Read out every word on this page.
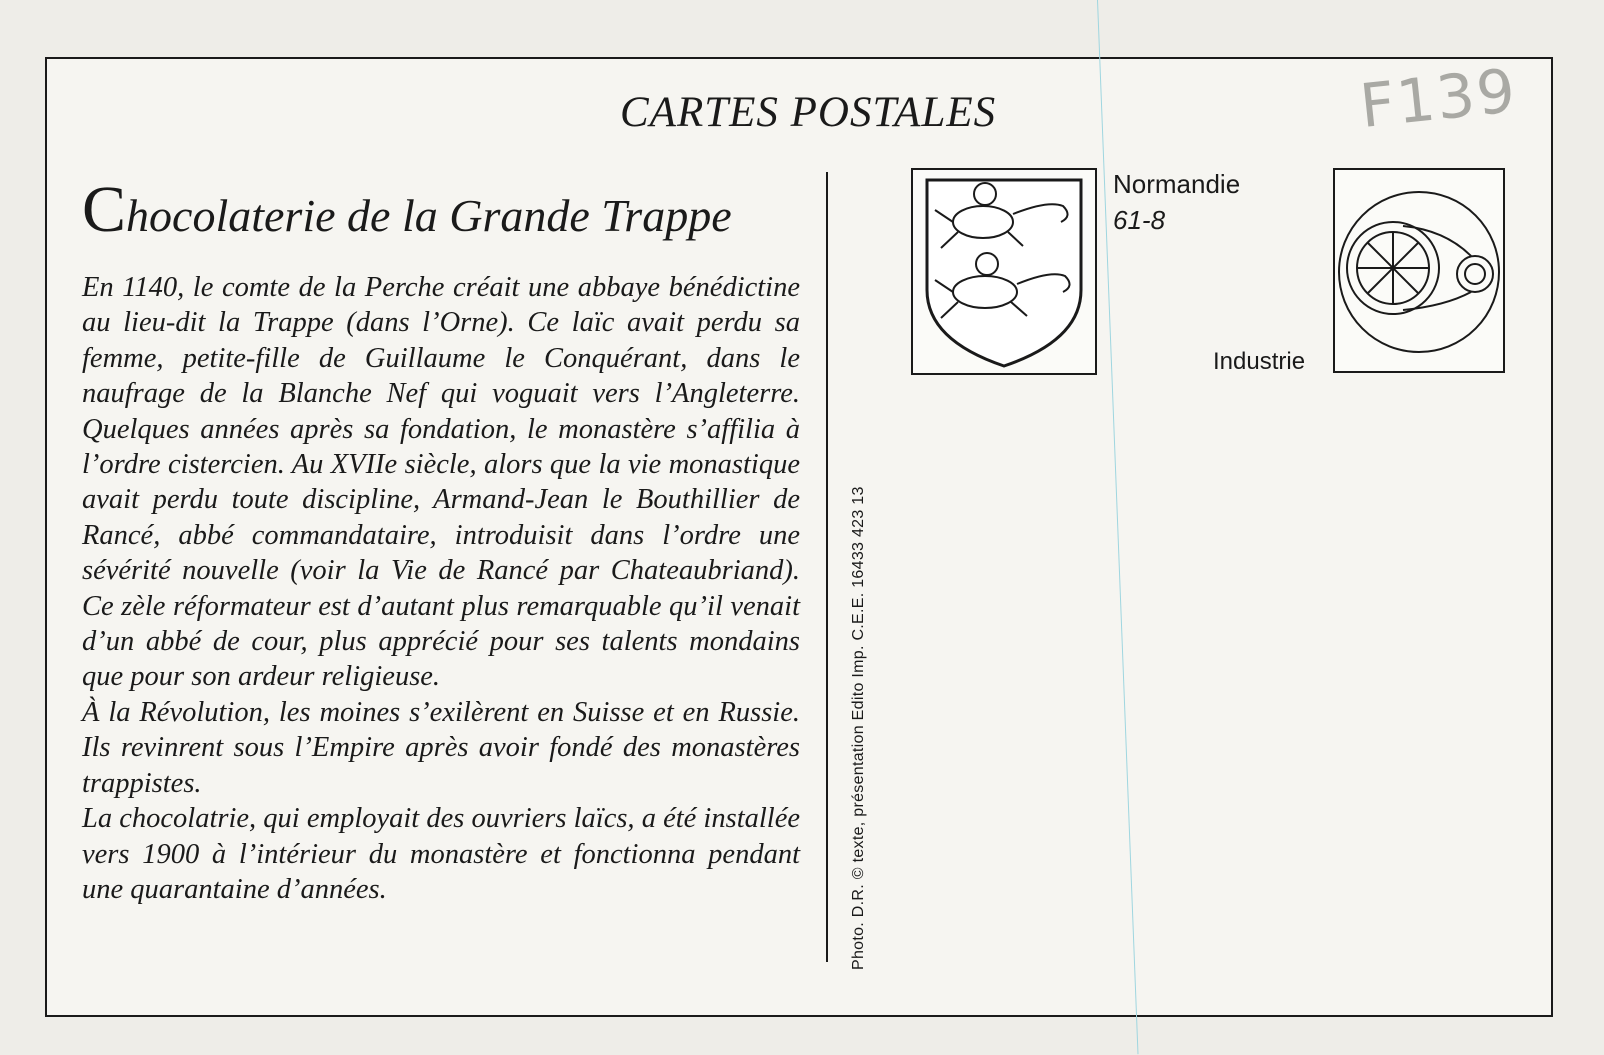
CARTES POSTALES	F139
Chocolaterie de la Grande Trappe

En 1140, le comte de la Perche créait une abbaye bénédictine au lieu-dit la Trappe (dans l’Orne). Ce laïc avait perdu sa femme, petite-fille de Guillaume le Conquérant, dans le naufrage de la Blanche Nef qui voguait vers l’Angleterre. Quelques années après sa fondation, le monastère s’affilia à l’ordre cistercien. Au XVIIe siècle, alors que la vie monastique avait perdu toute discipline, Armand-Jean le Bouthillier de Rancé, abbé commandataire, introduisit dans l’ordre une sévérité nouvelle (voir la Vie de Rancé par Chateaubriand). Ce zèle réformateur est d’autant plus remarquable qu’il venait d’un abbé de cour, plus apprécié pour ses talents mondains que pour son ardeur religieuse.

À la Révolution, les moines s’exilèrent en Suisse et en Russie. Ils revinrent sous l’Empire après avoir fondé des monastères trappistes.

La chocolatrie, qui employait des ouvriers laïcs, a été installée vers 1900 à l’intérieur du monastère et fonctionna pendant une quarantaine d’années.	Photo. D.R. © texte, présentation Edito Imp. C.E.E. 16433 423 13
Normandie
61-8
Industrie
